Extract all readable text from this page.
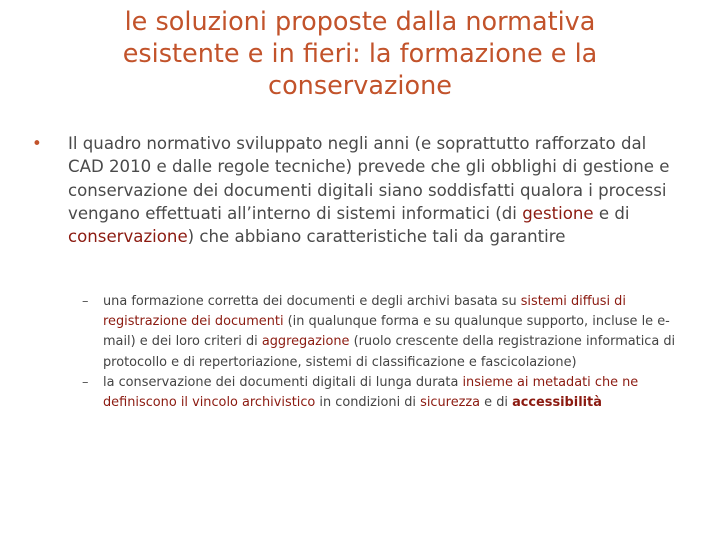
le soluzioni proposte dalla normativa
esistente e in fieri: la formazione e la
conservazione
•	Il quadro normativo sviluppato negli anni (e soprattutto rafforzato dal CAD 2010 e dalle regole tecniche) prevede che gli obblighi di gestione e conservazione dei documenti digitali siano soddisfatti qualora i processi vengano effettuati all’interno di sistemi informatici (di gestione e di conservazione) che abbiano caratteristiche tali da garantire
– una formazione corretta dei documenti e degli archivi basata su sistemi diffusi di registrazione dei documenti (in qualunque forma e su qualunque supporto, incluse le e-mail) e dei loro criteri di aggregazione (ruolo crescente della registrazione informatica di protocollo e di repertoriazione, sistemi di classificazione e fascicolazione)
– la conservazione dei documenti digitali di lunga durata insieme ai metadati che ne definiscono il vincolo archivistico in condizioni di sicurezza e di accessibilità
